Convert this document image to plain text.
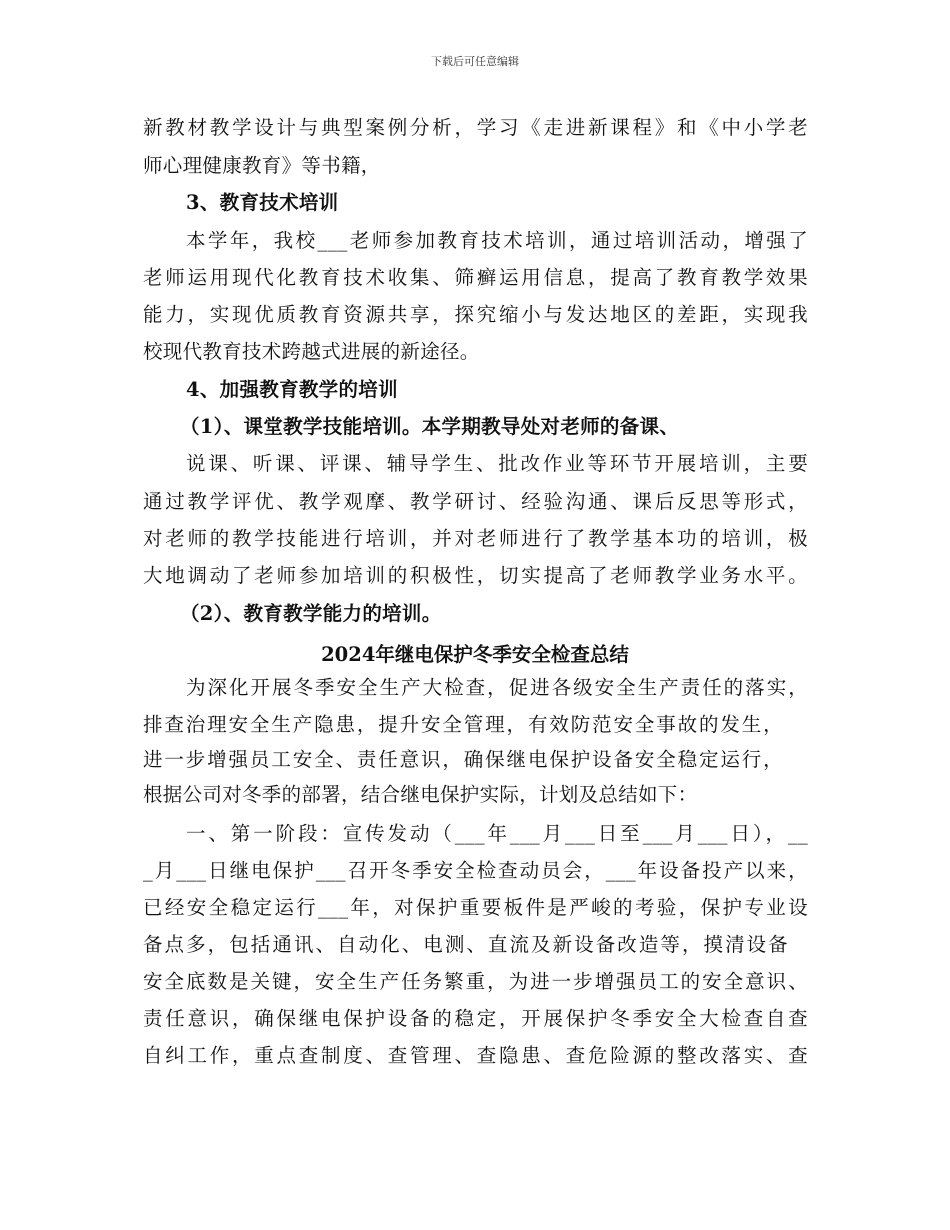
下载后可任意编辑
新教材教学设计与典型案例分析，学习《走进新课程》和《中小学老
师心理健康教育》等书籍，
3、教育技术培训
本学年，我校___老师参加教育技术培训，通过培训活动，增强了
老师运用现代化教育技术收集、筛癣运用信息，提高了教育教学效果
能力，实现优质教育资源共享，探究缩小与发达地区的差距，实现我
校现代教育技术跨越式进展的新途径。
4、加强教育教学的培训
（1）、课堂教学技能培训。本学期教导处对老师的备课、
说课、听课、评课、辅导学生、批改作业等环节开展培训，主要
通过教学评优、教学观摩、教学研讨、经验沟通、课后反思等形式，
对老师的教学技能进行培训，并对老师进行了教学基本功的培训，极
大地调动了老师参加培训的积极性，切实提高了老师教学业务水平。
（2）、教育教学能力的培训。
2024年继电保护冬季安全检查总结
为深化开展冬季安全生产大检查，促进各级安全生产责任的落实，
排查治理安全生产隐患，提升安全管理，有效防范安全事故的发生，
进一步增强员工安全、责任意识，确保继电保护设备安全稳定运行，
根据公司对冬季的部署，结合继电保护实际，计划及总结如下：
一、第一阶段：宣传发动（___年___月___日至___月___日），__
_月___日继电保护___召开冬季安全检查动员会，___年设备投产以来，
已经安全稳定运行___年，对保护重要板件是严峻的考验，保护专业设
备点多，包括通讯、自动化、电测、直流及新设备改造等，摸清设备
安全底数是关键，安全生产任务繁重，为进一步增强员工的安全意识、
责任意识，确保继电保护设备的稳定，开展保护冬季安全大检查自查
自纠工作，重点查制度、查管理、查隐患、查危险源的整改落实、查
